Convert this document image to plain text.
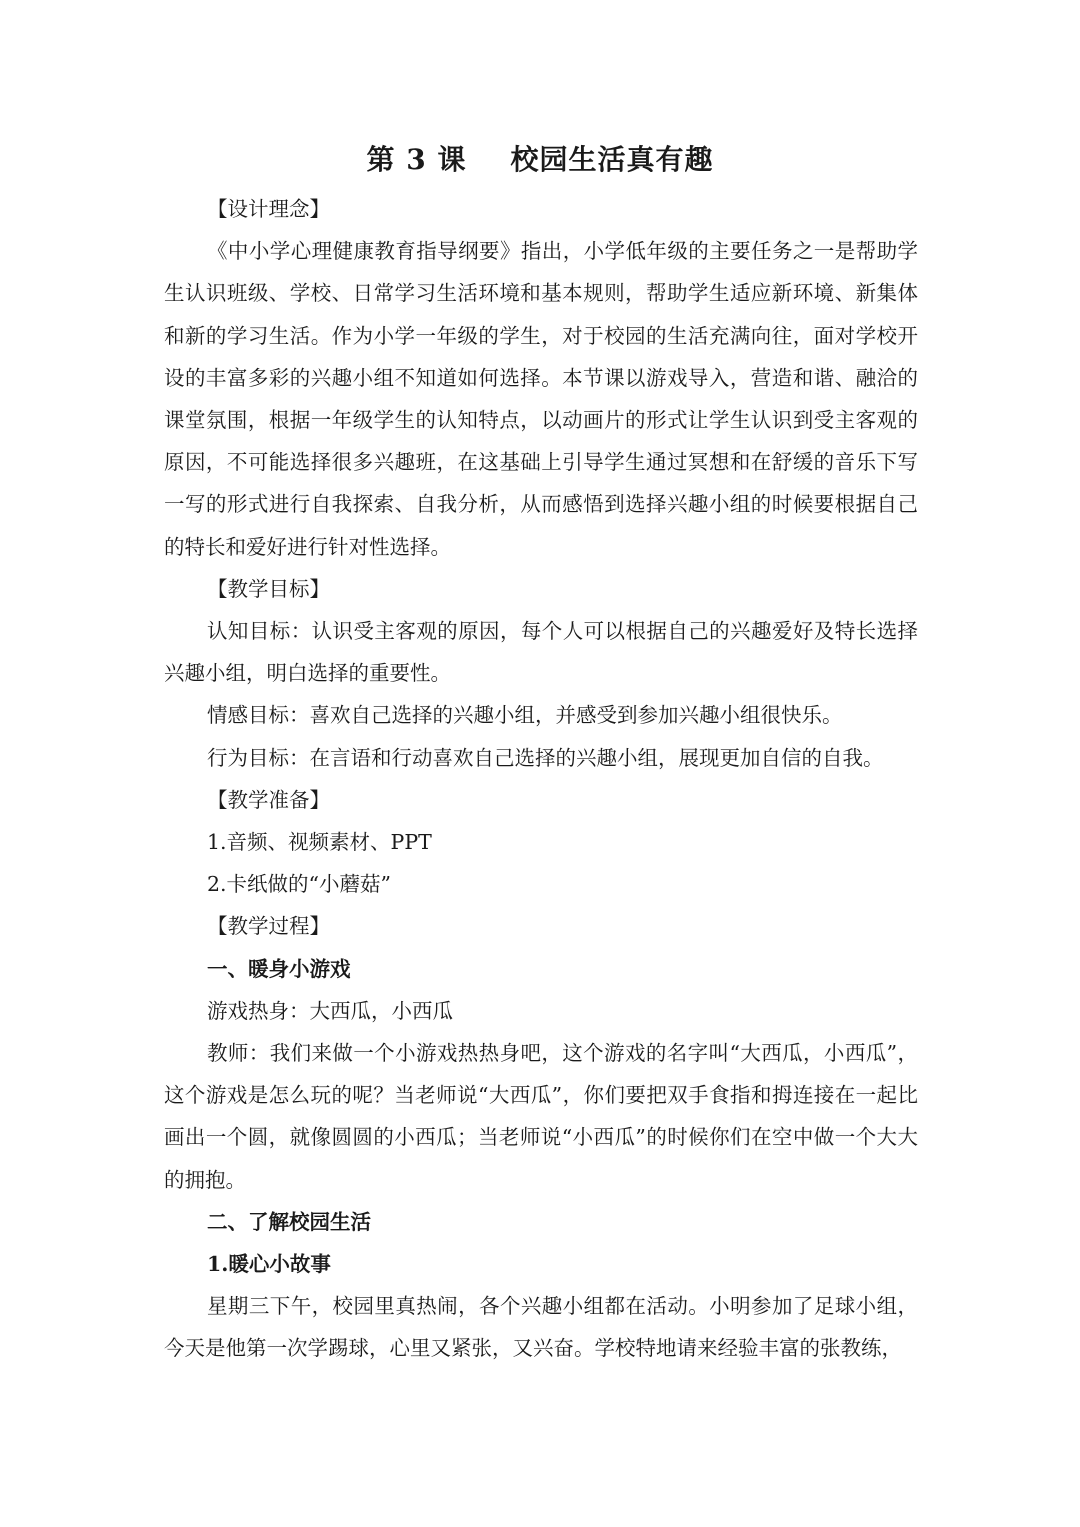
第 3 课 校园生活真有趣

【设计理念】

《中小学心理健康教育指导纲要》指出，小学低年级的主要任务之一是帮助学生认识班级、学校、日常学习生活环境和基本规则，帮助学生适应新环境、新集体和新的学习生活。作为小学一年级的学生，对于校园的生活充满向往，面对学校开设的丰富多彩的兴趣小组不知道如何选择。本节课以游戏导入，营造和谐、融洽的课堂氛围，根据一年级学生的认知特点，以动画片的形式让学生认识到受主客观的原因，不可能选择很多兴趣班，在这基础上引导学生通过冥想和在舒缓的音乐下写一写的形式进行自我探索、自我分析，从而感悟到选择兴趣小组的时候要根据自己的特长和爱好进行针对性选择。

【教学目标】

认知目标：认识受主客观的原因，每个人可以根据自己的兴趣爱好及特长选择兴趣小组，明白选择的重要性。

情感目标：喜欢自己选择的兴趣小组，并感受到参加兴趣小组很快乐。

行为目标：在言语和行动喜欢自己选择的兴趣小组，展现更加自信的自我。

【教学准备】

1.音频、视频素材、PPT

2.卡纸做的“小蘑菇”

【教学过程】

一、暖身小游戏

游戏热身：大西瓜，小西瓜

教师：我们来做一个小游戏热热身吧，这个游戏的名字叫“大西瓜，小西瓜”，这个游戏是怎么玩的呢？当老师说“大西瓜”，你们要把双手食指和拇连接在一起比画出一个圆，就像圆圆的小西瓜；当老师说“小西瓜”的时候你们在空中做一个大大的拥抱。

二、了解校园生活

1.暖心小故事

星期三下午，校园里真热闹，各个兴趣小组都在活动。小明参加了足球小组，今天是他第一次学踢球，心里又紧张，又兴奋。学校特地请来经验丰富的张教练，
